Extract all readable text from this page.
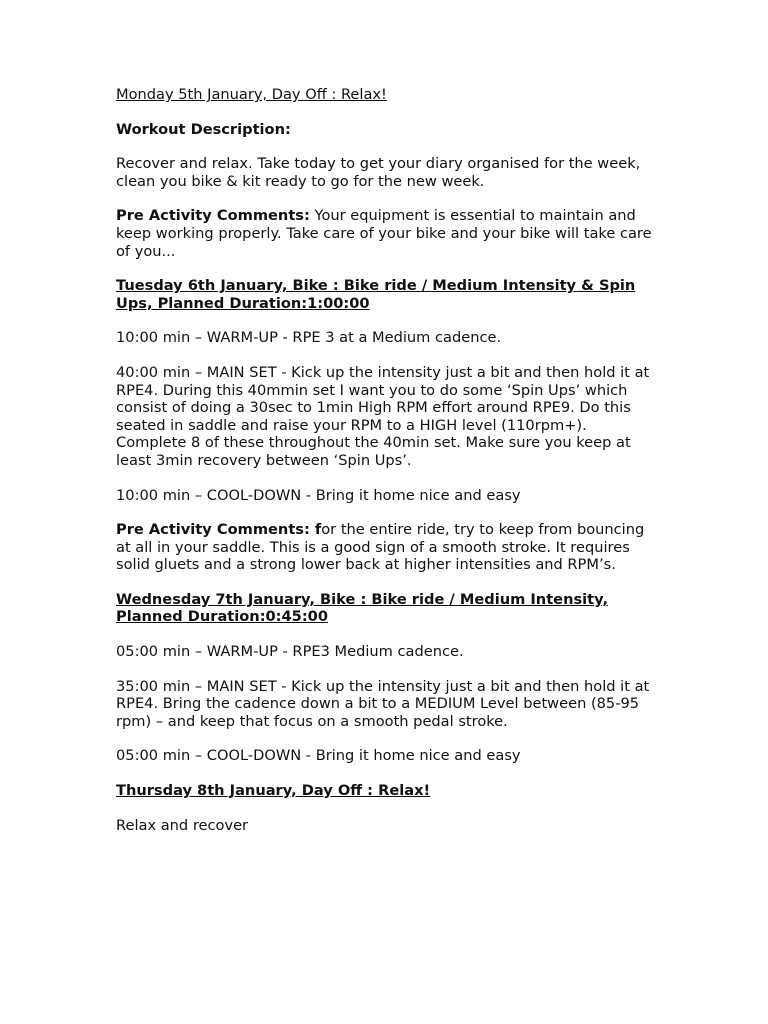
Monday 5th January, Day Off : Relax!

Workout Description:

Recover and relax. Take today to get your diary organised for the week, clean you bike & kit ready to go for the new week.

Pre Activity Comments: Your equipment is essential to maintain and keep working properly. Take care of your bike and your bike will take care of you...

Tuesday 6th January, Bike : Bike ride / Medium Intensity & Spin Ups, Planned Duration:1:00:00

10:00 min – WARM-UP - RPE 3 at a Medium cadence.

40:00 min – MAIN SET - Kick up the intensity just a bit and then hold it at RPE4. During this 40mmin set I want you to do some ‘Spin Ups’ which consist of doing a 30sec to 1min High RPM effort around RPE9. Do this seated in saddle and raise your RPM to a HIGH level (110rpm+). Complete 8 of these throughout the 40min set. Make sure you keep at least 3min recovery between ‘Spin Ups’.

10:00 min – COOL-DOWN - Bring it home nice and easy

Pre Activity Comments: for the entire ride, try to keep from bouncing at all in your saddle. This is a good sign of a smooth stroke. It requires solid gluets and a strong lower back at higher intensities and RPM’s.

Wednesday 7th January, Bike : Bike ride / Medium Intensity, Planned Duration:0:45:00

05:00 min – WARM-UP - RPE3 Medium cadence.

35:00 min – MAIN SET - Kick up the intensity just a bit and then hold it at RPE4. Bring the cadence down a bit to a MEDIUM Level between (85-95 rpm) – and keep that focus on a smooth pedal stroke.

05:00 min – COOL-DOWN - Bring it home nice and easy

Thursday 8th January, Day Off : Relax!

Relax and recover
